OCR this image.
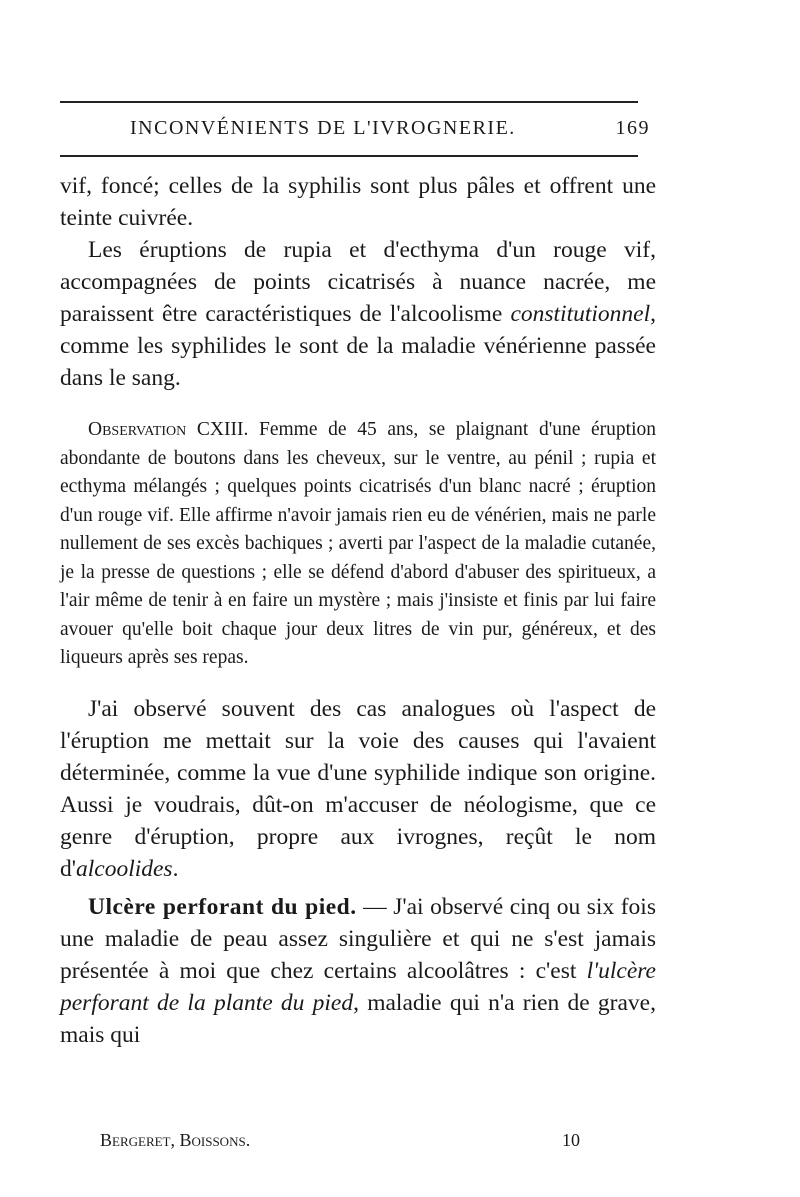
INCONVÉNIENTS DE L'IVROGNERIE.	169

vif, foncé; celles de la syphilis sont plus pâles et offrent une teinte cuivrée.

Les éruptions de rupia et d'ecthyma d'un rouge vif, accompagnées de points cicatrisés à nuance nacrée, me paraissent être caractéristiques de l'alcoolisme constitutionnel, comme les syphilides le sont de la maladie vénérienne passée dans le sang.

Observation CXIII. Femme de 45 ans, se plaignant d'une éruption abondante de boutons dans les cheveux, sur le ventre, au pénil ; rupia et ecthyma mélangés ; quelques points cicatrisés d'un blanc nacré ; éruption d'un rouge vif. Elle affirme n'avoir jamais rien eu de vénérien, mais ne parle nullement de ses excès bachiques ; averti par l'aspect de la maladie cutanée, je la presse de questions ; elle se défend d'abord d'abuser des spiritueux, a l'air même de tenir à en faire un mystère ; mais j'insiste et finis par lui faire avouer qu'elle boit chaque jour deux litres de vin pur, généreux, et des liqueurs après ses repas.

J'ai observé souvent des cas analogues où l'aspect de l'éruption me mettait sur la voie des causes qui l'avaient déterminée, comme la vue d'une syphilide indique son origine. Aussi je voudrais, dût-on m'accuser de néologisme, que ce genre d'éruption, propre aux ivrognes, reçût le nom d'alcoolides.

Ulcère perforant du pied. — J'ai observé cinq ou six fois une maladie de peau assez singulière et qui ne s'est jamais présentée à moi que chez certains alcoolâtres : c'est l'ulcère perforant de la plante du pied, maladie qui n'a rien de grave, mais qui

Bergeret, Boissons.	10
